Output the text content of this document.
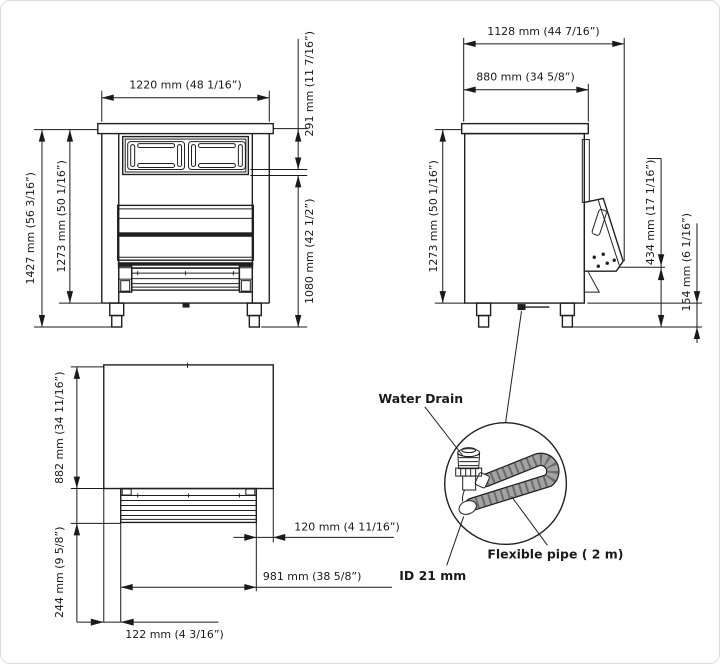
1220 mm (48 1/16”)
1427 mm (56 3/16”) 1273 mm (50 1/16”)
291 mm (11 7/16”)
1080 mm (42 1/2”)
1128 mm (44 7/16”)
880 mm (34 5/8”)
1273 mm (50 1/16”)	434 mm (17 1/16”) 154 mm (6 1/16”)
882 mm (34 11/16”)
244 mm (9 5/8”)
122 mm (4 3/16”)
981 mm (38 5/8”)
120 mm (4 11/16”)
Water Drain
Flexible pipe ( 2 m)
ID 21 mm
